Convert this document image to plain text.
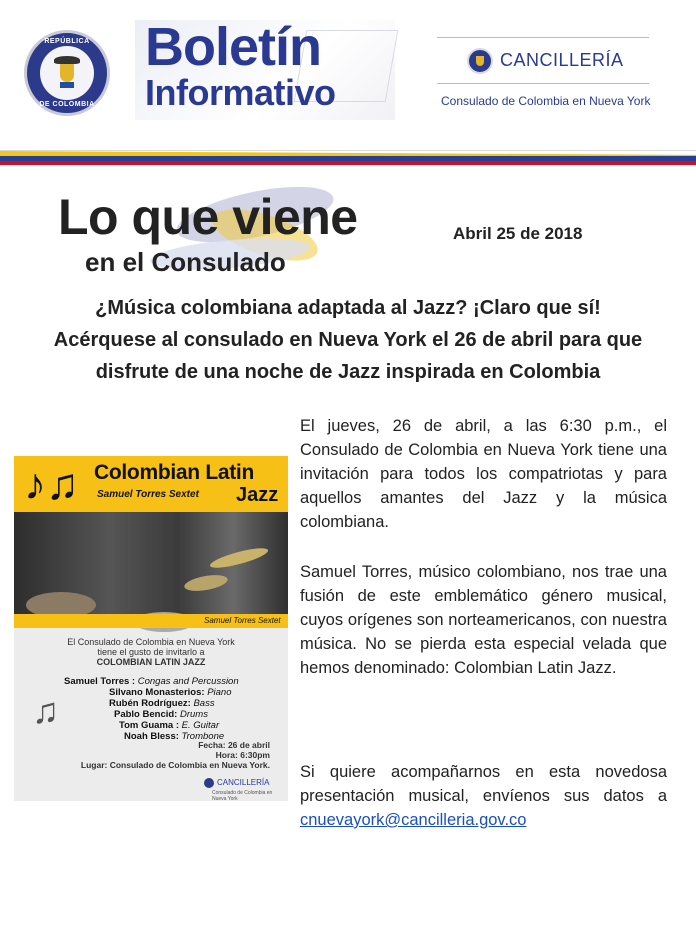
REPÚBLICA
DE COLOMBIA
Boletín
Informativo
CANCILLERÍA
Consulado de Colombia en Nueva York
Lo que viene
en el Consulado
Abril 25 de 2018
¿Música colombiana adaptada al Jazz? ¡Claro que sí!
Acérquese al consulado en Nueva York el 26 de abril para que
disfrute de una noche de Jazz inspirada en Colombia
♪♫ Colombian Latin
Samuel Torres Sextet Jazz
Samuel Torres Sextet
El Consulado de Colombia en Nueva York
tiene el gusto de invitarlo a
COLOMBIAN LATIN JAZZ
♫
Samuel Torres : Congas and Percussion
Silvano Monasterios: Piano
Rubén Rodríguez: Bass
Pablo Bencid: Drums
Tom Guama : E. Guitar
Noah Bless: Trombone
Fecha: 26 de abril
Hora: 6:30pm
Lugar: Consulado de Colombia en Nueva York.
CANCILLERÍA
Consulado de Colombia en Nueva York
El jueves, 26 de abril, a las 6:30 p.m., el Consulado de Colombia en Nueva York tiene una invitación para todos los compatriotas y para aquellos amantes del Jazz y la música colombiana.
Samuel Torres, músico colombiano, nos trae una fusión de este emblemático género musical, cuyos orígenes son norteamericanos, con nuestra música. No se pierda esta especial velada que hemos denominado: Colombian Latin Jazz.
Si quiere acompañarnos en esta novedosa presentación musical, envíenos sus datos a cnuevayork@cancilleria.gov.co
